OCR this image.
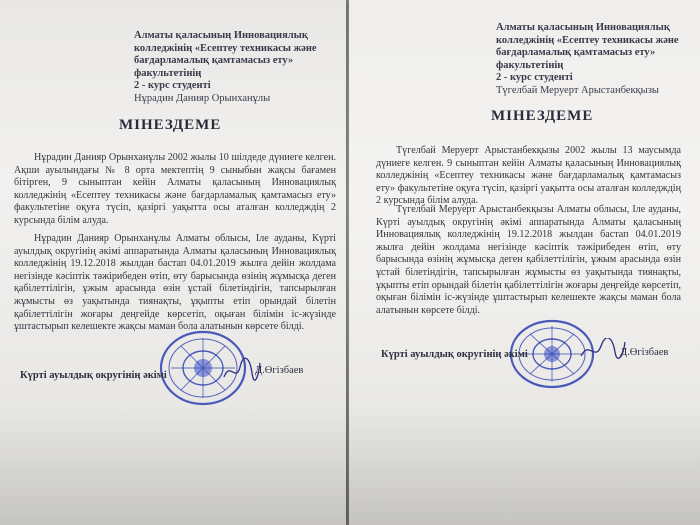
Алматы қаласының Инновациялық
колледжінің «Есептеу техникасы және
бағдарламалық қамтамасыз ету»
факультетінің
2 - курс студенті
Нұрадин Данияр Орынханұлы
МІНЕЗДЕМЕ
Нұрадин Данияр Орынханұлы 2002 жылы 10 шілдеде дүниеге келген. Ақши ауылындағы № 8 орта мектептің 9 сыныбын жақсы бағамен бітірген, 9 сыныптан кейін Алматы қаласының Инновациялық колледжінің «Есептеу техникасы және бағдарламалық қамтамасыз ету» факультетіне оқуға түсіп, қазіргі уақытта осы аталған колледждің 2 курсында білім алуда.
Нұрадин Данияр Орынханұлы Алматы облысы, Іле ауданы, Күрті ауылдық округінің әкімі аппаратында Алматы қаласының Инновациялық колледжінің 19.12.2018 жылдан бастап 04.01.2019 жылға дейін жолдама негізінде кәсіптік тәжірибеден өтіп, өту барысында өзінің жұмысқа деген қабілеттілігін, ұжым арасында өзін ұстай білетіндігін, тапсырылған жұмысты өз уақытында тиянақты, ұқыпты етіп орындай білетін қабілеттілігін жоғары деңгейде көрсетіп, оқыған білімін іс-жүзінде ұштастырып келешекте жақсы маман бола алатынын көрсете білді.
Күрті ауылдық округінің әкімі	Д.Өгізбаев
Алматы қаласының Инновациялық
колледжінің «Есептеу техникасы және
бағдарламалық қамтамасыз ету»
факультетінің
2 - курс студенті
Түгелбай Меруерт Арыстанбекқызы
МІНЕЗДЕМЕ
Түгелбай Меруерт Арыстанбекқызы 2002 жылы 13 маусымда дүниеге келген. 9 сыныптан кейін Алматы қаласының Инновациялық колледжінің «Есептеу техникасы және бағдарламалық қамтамасыз ету» факультетіне оқуға түсіп, қазіргі уақытта осы аталған колледждің 2 курсында білім алуда.
Түгелбай Меруерт Арыстанбекқызы Алматы облысы, Іле ауданы, Күрті ауылдық округінің әкімі аппаратында Алматы қаласының Инновациялық колледжінің 19.12.2018 жылдан бастап 04.01.2019 жылға дейін жолдама негізінде кәсіптік тәжірибеден өтіп, өту барысында өзінің жұмысқа деген қабілеттілігін, ұжым арасында өзін ұстай білетіндігін, тапсырылған жұмысты өз уақытында тиянақты, ұқыпты етіп орындай білетін қабілеттілігін жоғары деңгейде көрсетіп, оқыған білімін іс-жүзінде ұштастырып келешекте жақсы маман бола алатынын көрсете білді.
Күрті ауылдық округінің әкімі	Д.Өгізбаев
